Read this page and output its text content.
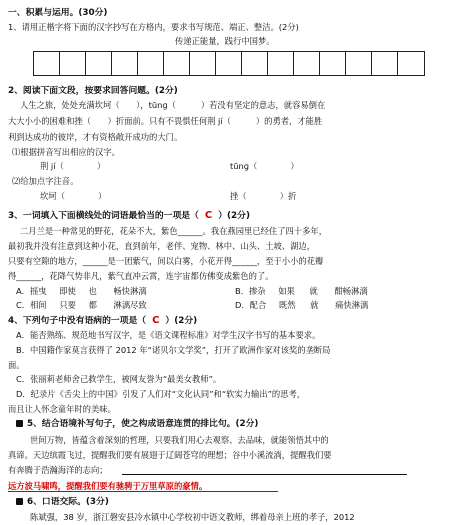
一、积累与运用。(30分)
1、请用正楷字将下面的汉字抄写在方格内，要求书写规范、端正、整洁。(2分)
传递正能量，践行中国梦。
2、阅读下面文段，按要求回答问题。(2分)
人生之旅，处处充满坎坷（　　），tūnɡ（　　　）若没有坚定的意志，就容易倒在
大大小小的困难和挫（　　）折面前。只有不畏惧任何荆 jí（　　　）的勇者，才能胜
利到达成功的彼岸，才有资格敞开成功的大门。
⑴根据拼音写出相应的汉字。
荆 jí（　　　　）	tūnɡ（　　　　）
⑵给加点字注音。
坎坷（　　　　）	挫（　　　　）折
3、一词填入下面横线处的词语最恰当的一项是（ C ）(2分)
二月兰是一种常见的野花，花朵不大，紫色______。我在燕园里已经住了四十多年，
最初我并没有注意到这种小花，直到前年，老伴、宠物、林中、山头、土坡、湖边，
只要有空隙的地方，______是一团紫气，间以白雾，小花开得______，至于小小的花瓣
得______，花降气势非凡，紫气直冲云霄，连宇宙都仿佛变成紫色的了。
A．摇曳 即使 也 畅快淋漓	B．掺杂 如果 就 酣畅淋漓
C．相间 只要 都 淋漓尽致	D．配合 既然 就 痛快淋漓
4、下列句子中没有语病的一项是（ C ）(2分)
A．能否熟练、规范地书写汉字，是《语文课程标准》对学生汉字书写的基本要求。
B．中国籍作家莫言获得了 2012 年“诺贝尔文学奖”，打开了欧洲作家对该奖的垄断局
面。
C．张丽莉老师舍己救学生，被网友誉为“最美女教师”。
D．纪录片《舌尖上的中国》引发了人们对“文化认同”和“软实力输出”的思考，
而且让人怀念童年时的美味。
5、结合语境补写句子，使之构成语意连贯的排比句。(2分)
世间万物，皆蕴含着深刻的哲理，只要我们用心去观察、去品味，就能领悟其中的
真谛。天边缤霞飞过，提醒我们要有展翅于辽阔苍穹的理想；谷中小溪流淌，提醒我们要
有奔腾于浩瀚海洋的志向；
远方波马啸鸣，提醒我们要有驰骋于万里草原的豪情。
6、口语交际。(3分)
陈斌强，38 岁，浙江磐安县冷水镇中心学校初中语文教师，绑着母亲上班的孝子，2012
